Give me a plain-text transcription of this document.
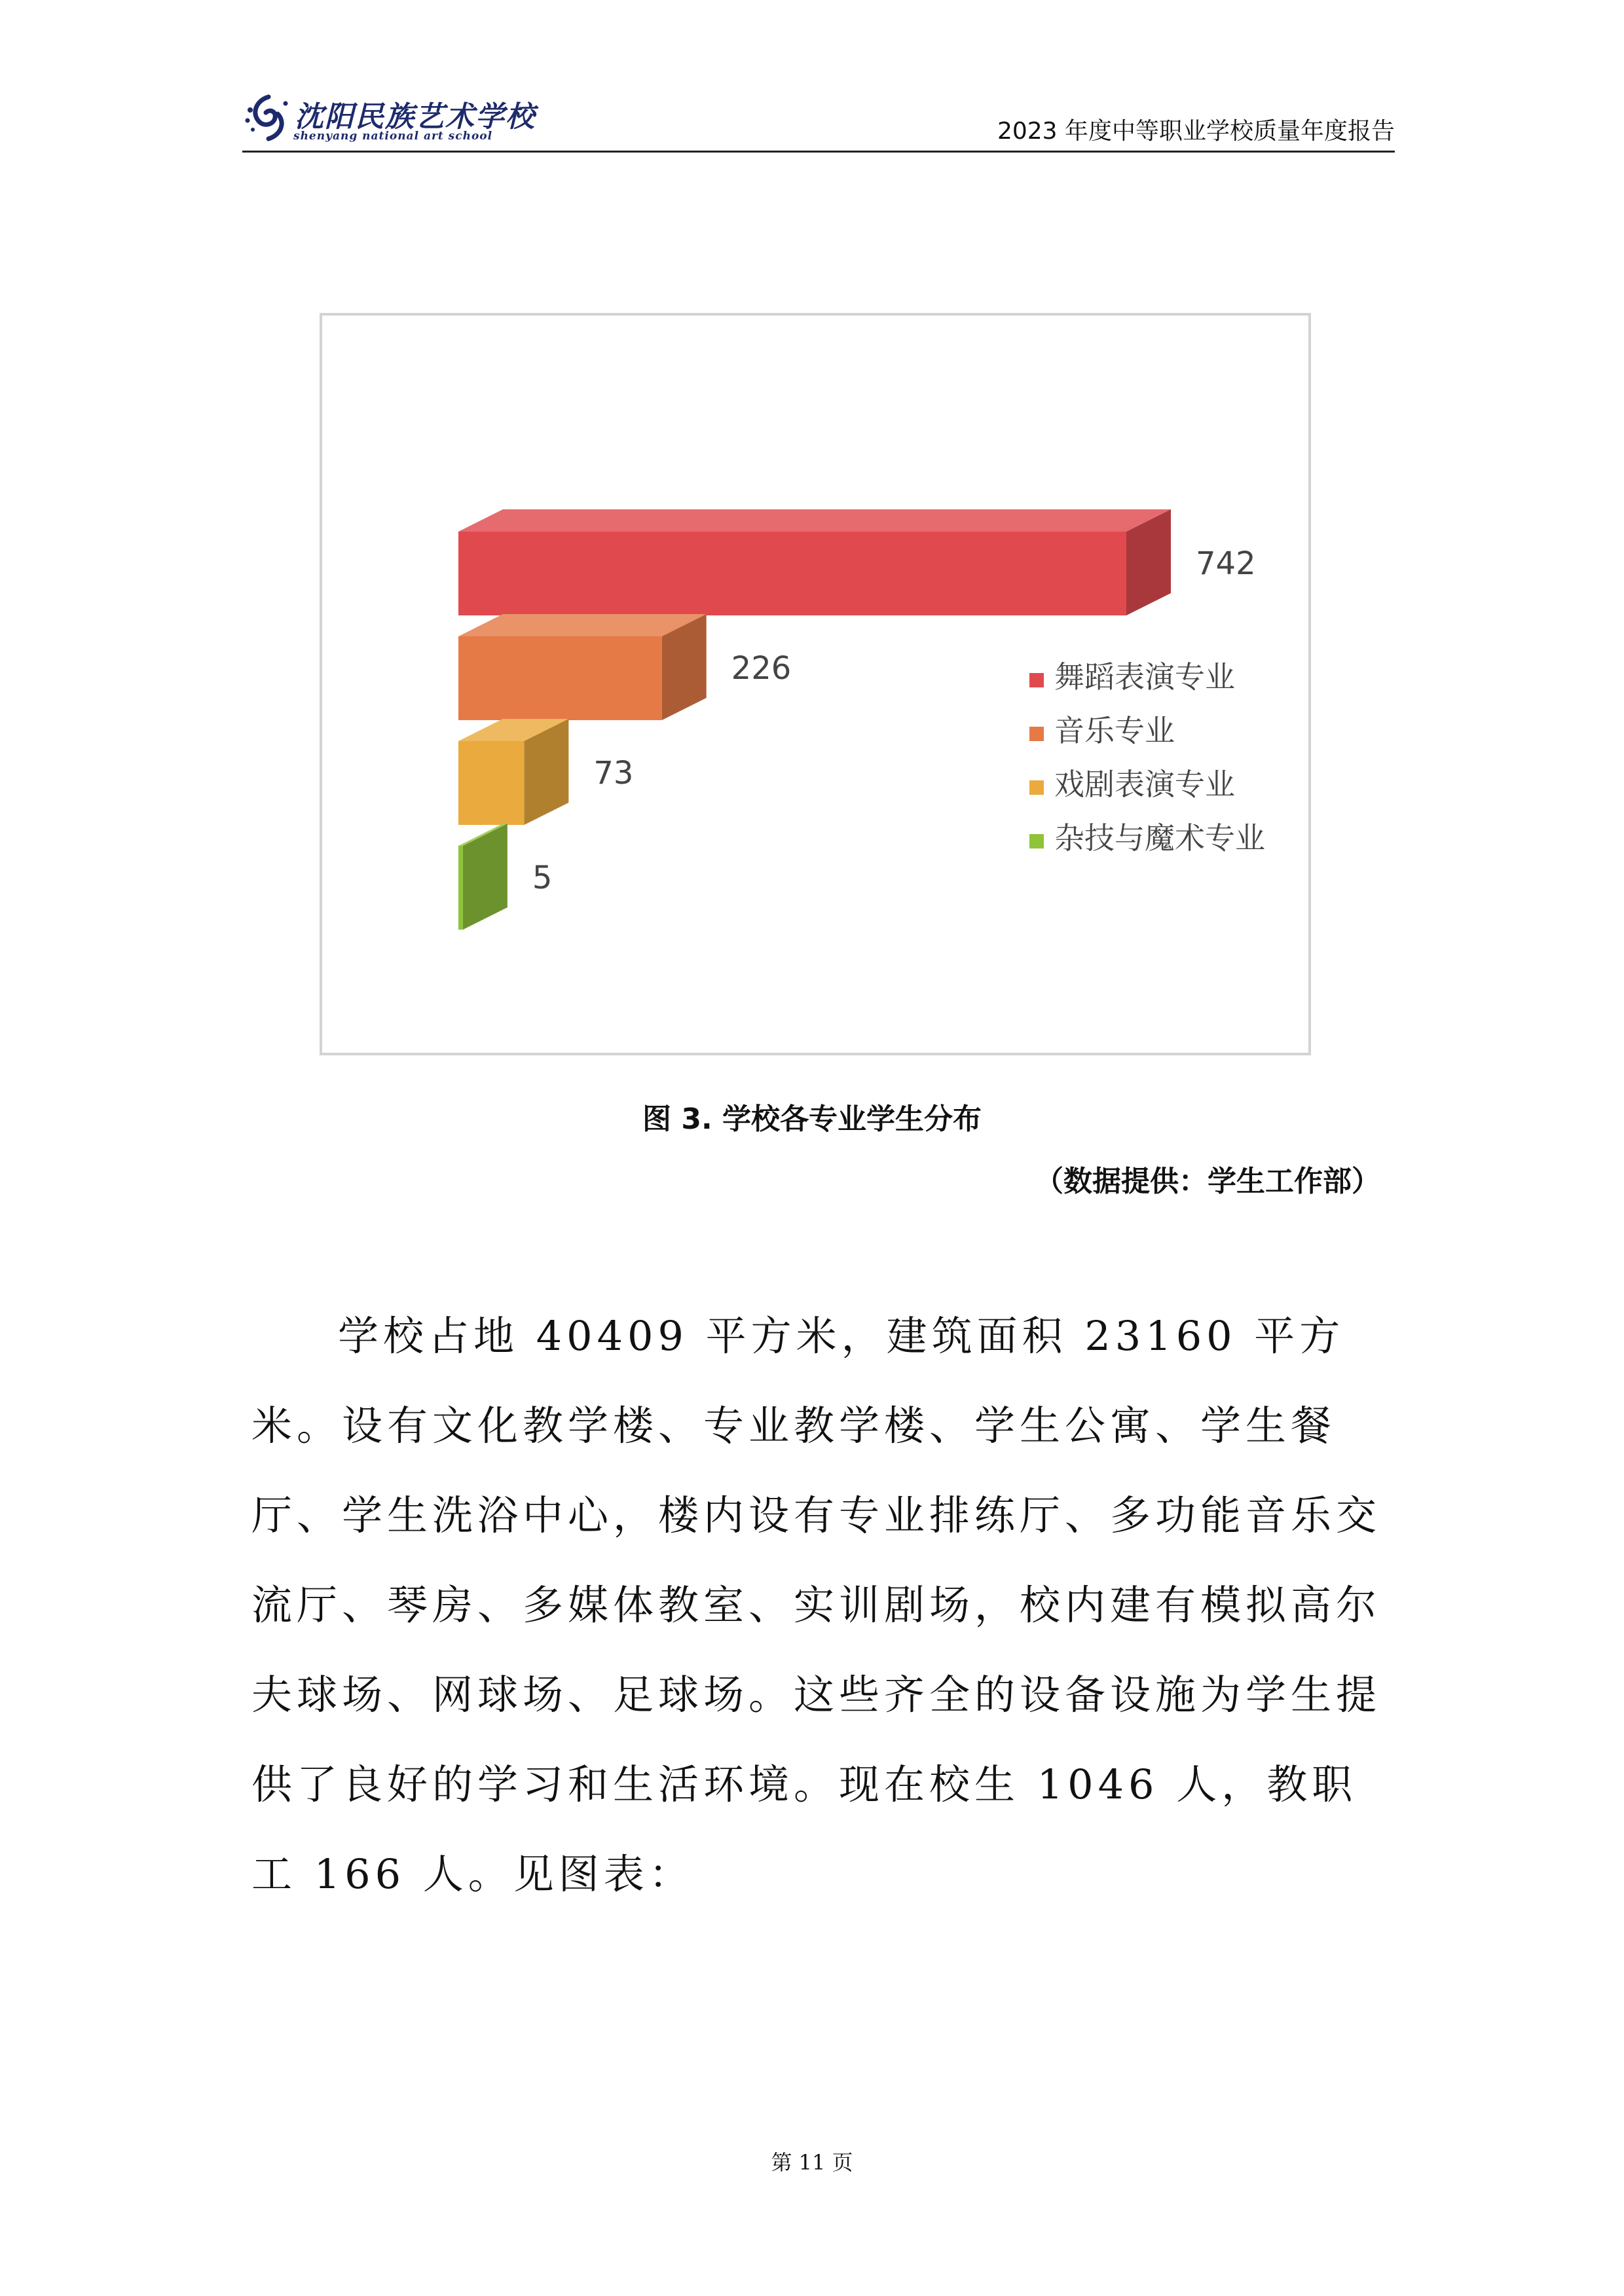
沈阳民族艺术学校
shenyang national art school	2023 年度中等职业学校质量年度报告
742
226
73
5
舞蹈表演专业
音乐专业
戏剧表演专业
杂技与魔术专业
图 3. 学校各专业学生分布
（数据提供：学生工作部）

学校占地 40409 平方米，建筑面积 23160 平方米。设有文化教学楼、专业教学楼、学生公寓、学生餐厅、学生洗浴中心，楼内设有专业排练厅、多功能音乐交流厅、琴房、多媒体教室、实训剧场，校内建有模拟高尔夫球场、网球场、足球场。这些齐全的设备设施为学生提供了良好的学习和生活环境。现在校生 1046 人，教职工 166 人。见图表：

第 11 页
